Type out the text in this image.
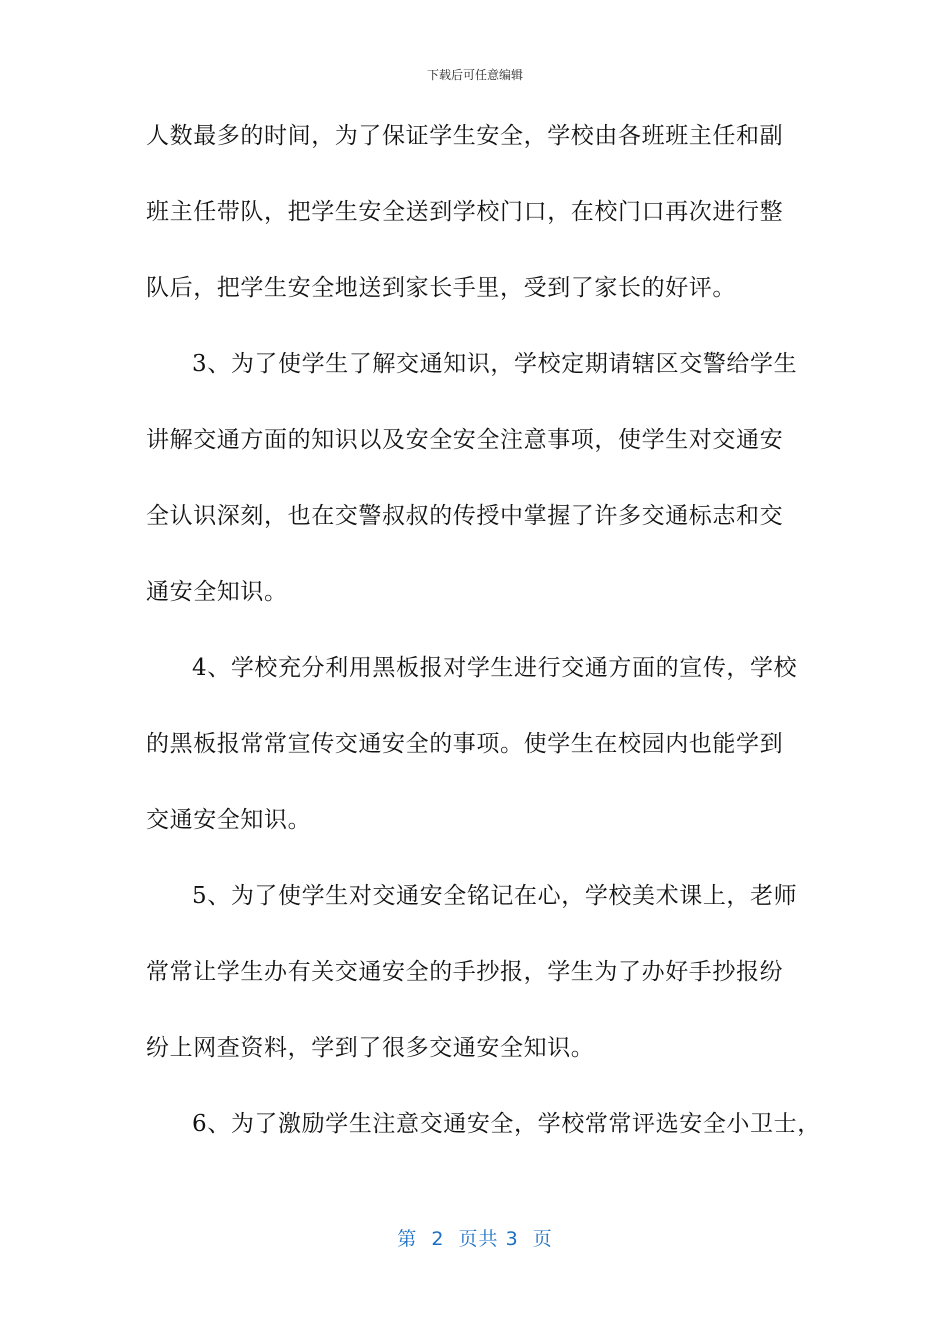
下载后可任意编辑
人数最多的时间，为了保证学生安全，学校由各班班主任和副
班主任带队，把学生安全送到学校门口，在校门口再次进行整
队后，把学生安全地送到家长手里，受到了家长的好评。
3、为了使学生了解交通知识，学校定期请辖区交警给学生
讲解交通方面的知识以及安全安全注意事项，使学生对交通安
全认识深刻，也在交警叔叔的传授中掌握了许多交通标志和交
通安全知识。
4、学校充分利用黑板报对学生进行交通方面的宣传，学校
的黑板报常常宣传交通安全的事项。使学生在校园内也能学到
交通安全知识。
5、为了使学生对交通安全铭记在心，学校美术课上，老师
常常让学生办有关交通安全的手抄报，学生为了办好手抄报纷
纷上网查资料，学到了很多交通安全知识。
6、为了激励学生注意交通安全，学校常常评选安全小卫士，
第 2 页共 3 页
